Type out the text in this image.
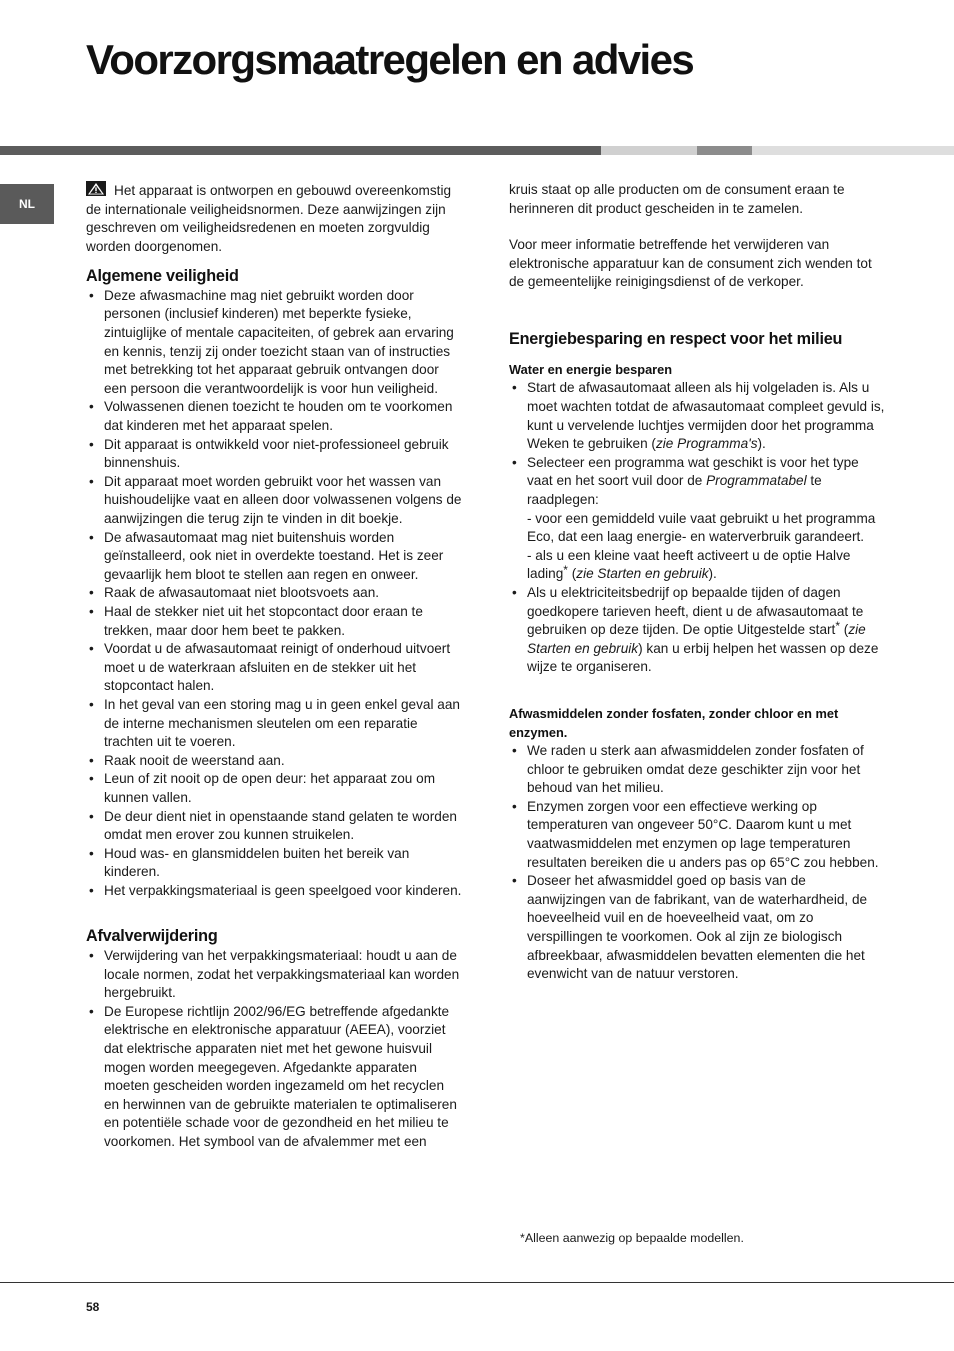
Voorzorgsmaatregelen en advies
NL

Het apparaat is ontworpen en gebouwd overeenkomstig de internationale veiligheidsnormen. Deze aanwijzingen zijn geschreven om veiligheidsredenen en moeten zorgvuldig worden doorgenomen.

Algemene veiligheid
• Deze afwasmachine mag niet gebruikt worden door personen (inclusief kinderen) met beperkte fysieke, zintuiglijke of mentale capaciteiten, of gebrek aan ervaring en kennis, tenzij zij onder toezicht staan van of instructies met betrekking tot het apparaat gebruik ontvangen door een persoon die verantwoordelijk is voor hun veiligheid.
• Volwassenen dienen toezicht te houden om te voorkomen dat kinderen met het apparaat spelen.
• Dit apparaat is ontwikkeld voor niet-professioneel gebruik binnenshuis.
• Dit apparaat moet worden gebruikt voor het wassen van huishoudelijke vaat en alleen door volwassenen volgens de aanwijzingen die terug zijn te vinden in dit boekje.
• De afwasautomaat mag niet buitenshuis worden geïnstalleerd, ook niet in overdekte toestand. Het is zeer gevaarlijk hem bloot te stellen aan regen en onweer.
• Raak de afwasautomaat niet blootsvoets aan.
• Haal de stekker niet uit het stopcontact door eraan te trekken, maar door hem beet te pakken.
• Voordat u de afwasautomaat reinigt of onderhoud uitvoert moet u de waterkraan afsluiten en de stekker uit het stopcontact halen.
• In het geval van een storing mag u in geen enkel geval aan de interne mechanismen sleutelen om een reparatie trachten uit te voeren.
• Raak nooit de weerstand aan.
• Leun of zit nooit op de open deur: het apparaat zou om kunnen vallen.
• De deur dient niet in openstaande stand gelaten te worden omdat men erover zou kunnen struikelen.
• Houd was- en glansmiddelen buiten het bereik van kinderen.
• Het verpakkingsmateriaal is geen speelgoed voor kinderen.
Afvalverwijdering
• Verwijdering van het verpakkingsmateriaal: houdt u aan de locale normen, zodat het verpakkingsmateriaal kan worden hergebruikt.
• De Europese richtlijn 2002/96/EG betreffende afgedankte elektrische en elektronische apparatuur (AEEA), voorziet dat elektrische apparaten niet met het gewone huisvuil mogen worden meegegeven. Afgedankte apparaten moeten gescheiden worden ingezameld om het recyclen en herwinnen van de gebruikte materialen te optimaliseren en potentiële schade voor de gezondheid en het milieu te voorkomen. Het symbool van de afvalemmer met een

kruis staat op alle producten om de consument eraan te herinneren dit product gescheiden in te zamelen.

Voor meer informatie betreffende het verwijderen van elektronische apparatuur kan de consument zich wenden tot de gemeentelijke reinigingsdienst of de verkoper.

Energiebesparing en respect voor het milieu
Water en energie besparen
• Start de afwasautomaat alleen als hij volgeladen is. Als u moet wachten totdat de afwasautomaat compleet gevuld is, kunt u vervelende luchtjes vermijden door het programma Weken te gebruiken (zie Programma's).
• Selecteer een programma wat geschikt is voor het type vaat en het soort vuil door de Programmatabel te raadplegen:
- voor een gemiddeld vuile vaat gebruikt u het programma Eco, dat een laag energie- en waterverbruik garandeert.
- als u een kleine vaat heeft activeert u de optie Halve lading* (zie Starten en gebruik).
• Als u elektriciteitsbedrijf op bepaalde tijden of dagen goedkopere tarieven heeft, dient u de afwasautomaat te gebruiken op deze tijden. De optie Uitgestelde start* (zie Starten en gebruik) kan u erbij helpen het wassen op deze wijze te organiseren.
Afwasmiddelen zonder fosfaten, zonder chloor en met enzymen.
• We raden u sterk aan afwasmiddelen zonder fosfaten of chloor te gebruiken omdat deze geschikter zijn voor het behoud van het milieu.
• Enzymen zorgen voor een effectieve werking op temperaturen van ongeveer 50°C. Daarom kunt u met vaatwasmiddelen met enzymen op lage temperaturen resultaten bereiken die u anders pas op 65°C zou hebben.
• Doseer het afwasmiddel goed op basis van de aanwijzingen van de fabrikant, van de waterhardheid, de hoeveelheid vuil en de hoeveelheid vaat, om zo verspillingen te voorkomen. Ook al zijn ze biologisch afbreekbaar, afwasmiddelen bevatten elementen die het evenwicht van de natuur verstoren.
*Alleen aanwezig op bepaalde modellen.
58
